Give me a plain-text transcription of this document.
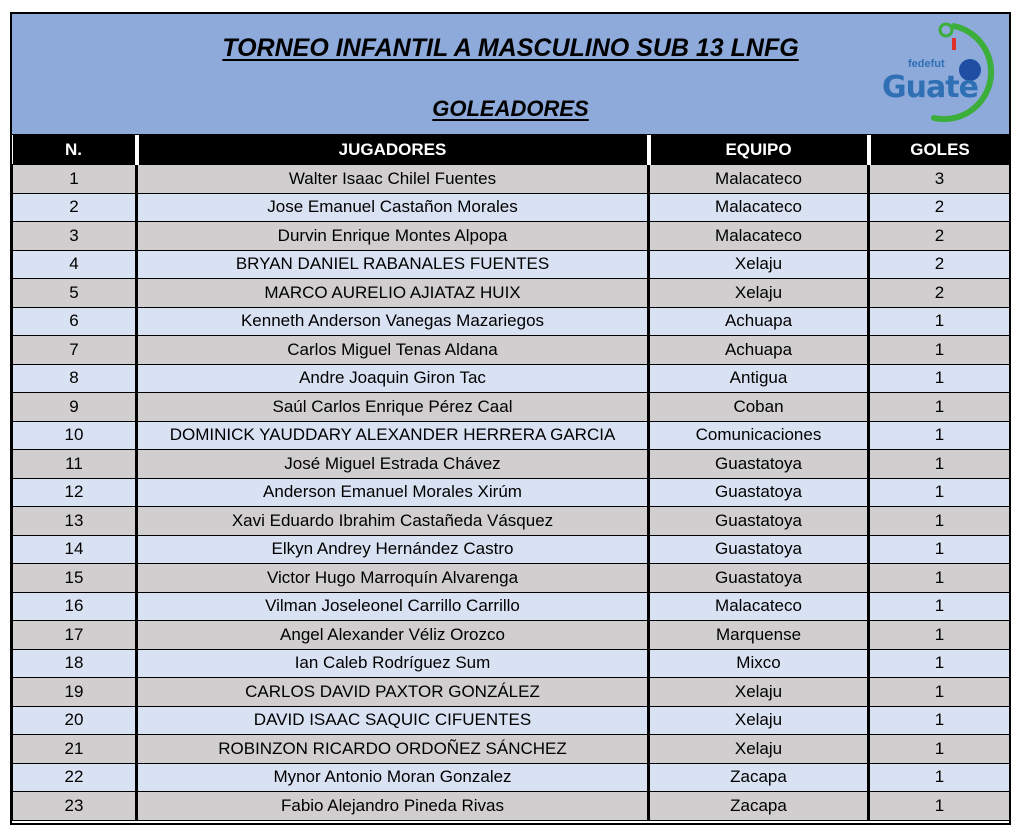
TORNEO INFANTIL A MASCULINO SUB 13 LNFG
GOLEADORES
fedefut
Guate
N.	JUGADORES	EQUIPO	GOLES
1	Walter Isaac Chilel Fuentes	Malacateco	3
2	Jose Emanuel Castañon Morales	Malacateco	2
3	Durvin Enrique Montes Alpopa	Malacateco	2
4	BRYAN DANIEL RABANALES FUENTES	Xelaju	2
5	MARCO AURELIO AJIATAZ HUIX	Xelaju	2
6	Kenneth Anderson Vanegas Mazariegos	Achuapa	1
7	Carlos Miguel Tenas Aldana	Achuapa	1
8	Andre Joaquin Giron Tac	Antigua	1
9	Saúl Carlos Enrique Pérez Caal	Coban	1
10	DOMINICK YAUDDARY ALEXANDER HERRERA GARCIA	Comunicaciones	1
11	José Miguel Estrada Chávez	Guastatoya	1
12	Anderson Emanuel Morales Xirúm	Guastatoya	1
13	Xavi Eduardo Ibrahim Castañeda Vásquez	Guastatoya	1
14	Elkyn Andrey Hernández Castro	Guastatoya	1
15	Victor Hugo Marroquín Alvarenga	Guastatoya	1
16	Vilman Joseleonel Carrillo Carrillo	Malacateco	1
17	Angel Alexander Véliz Orozco	Marquense	1
18	Ian Caleb Rodríguez Sum	Mixco	1
19	CARLOS DAVID PAXTOR GONZÁLEZ	Xelaju	1
20	DAVID ISAAC SAQUIC CIFUENTES	Xelaju	1
21	ROBINZON RICARDO ORDOÑEZ SÁNCHEZ	Xelaju	1
22	Mynor Antonio Moran Gonzalez	Zacapa	1
23	Fabio Alejandro Pineda Rivas	Zacapa	1
